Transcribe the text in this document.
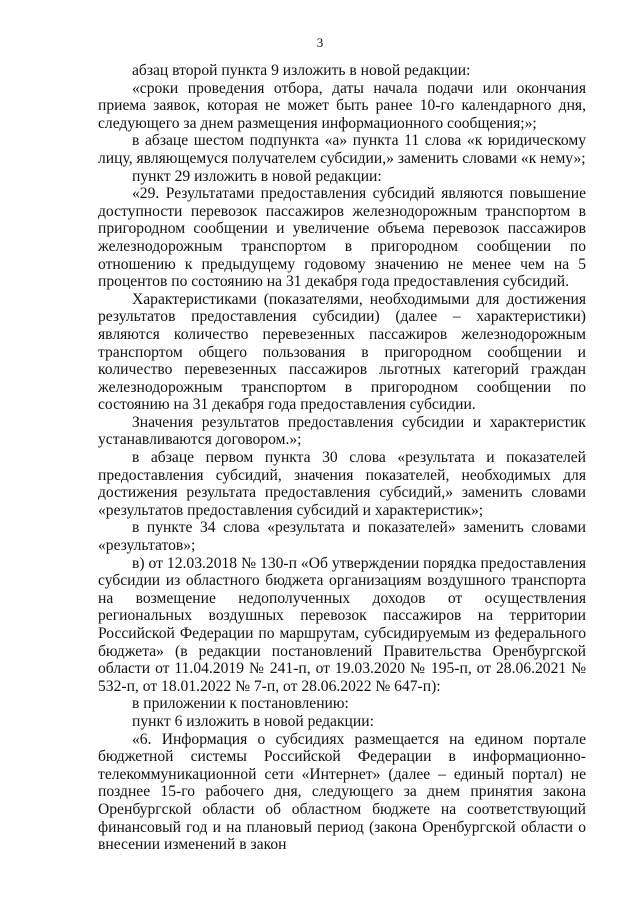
3

абзац второй пункта 9 изложить в новой редакции:

«сроки проведения отбора, даты начала подачи или окончания приема заявок, которая не может быть ранее 10-го календарного дня, следующего за днем размещения информационного сообщения;»;

в абзаце шестом подпункта «а» пункта 11 слова «к юридическому лицу, являющемуся получателем субсидии,» заменить словами «к нему»;

пункт 29 изложить в новой редакции:

«29. Результатами предоставления субсидий являются повышение доступности перевозок пассажиров железнодорожным транспортом в пригородном сообщении и увеличение объема перевозок пассажиров железнодорожным транспортом в пригородном сообщении по отношению к предыдущему годовому значению не менее чем на 5 процентов по состоянию на 31 декабря года предоставления субсидий.

Характеристиками (показателями, необходимыми для достижения результатов предоставления субсидии) (далее – характеристики) являются количество перевезенных пассажиров железнодорожным транспортом общего пользования в пригородном сообщении и количество перевезенных пассажиров льготных категорий граждан железнодорожным транспортом в пригородном сообщении по состоянию на 31 декабря года предоставления субсидии.

Значения результатов предоставления субсидии и характеристик устанавливаются договором.»;

в абзаце первом пункта 30 слова «результата и показателей предоставления субсидий, значения показателей, необходимых для достижения результата предоставления субсидий,» заменить словами «результатов предоставления субсидий и характеристик»;

в пункте 34 слова «результата и показателей» заменить словами «результатов»;

в) от 12.03.2018 № 130-п «Об утверждении порядка предоставления субсидии из областного бюджета организациям воздушного транспорта на возмещение недополученных доходов от осуществления региональных воздушных перевозок пассажиров на территории Российской Федерации по маршрутам, субсидируемым из федерального бюджета» (в редакции постановлений Правительства Оренбургской области от 11.04.2019 № 241-п, от 19.03.2020 № 195-п, от 28.06.2021 № 532-п, от 18.01.2022 № 7-п, от 28.06.2022 № 647-п):

в приложении к постановлению:

пункт 6 изложить в новой редакции:

«6. Информация о субсидиях размещается на едином портале бюджетной системы Российской Федерации в информационно-телекоммуникационной сети «Интернет» (далее – единый портал) не позднее 15-го рабочего дня, следующего за днем принятия закона Оренбургской области об областном бюджете на соответствующий финансовый год и на плановый период (закона Оренбургской области о внесении изменений в закон
